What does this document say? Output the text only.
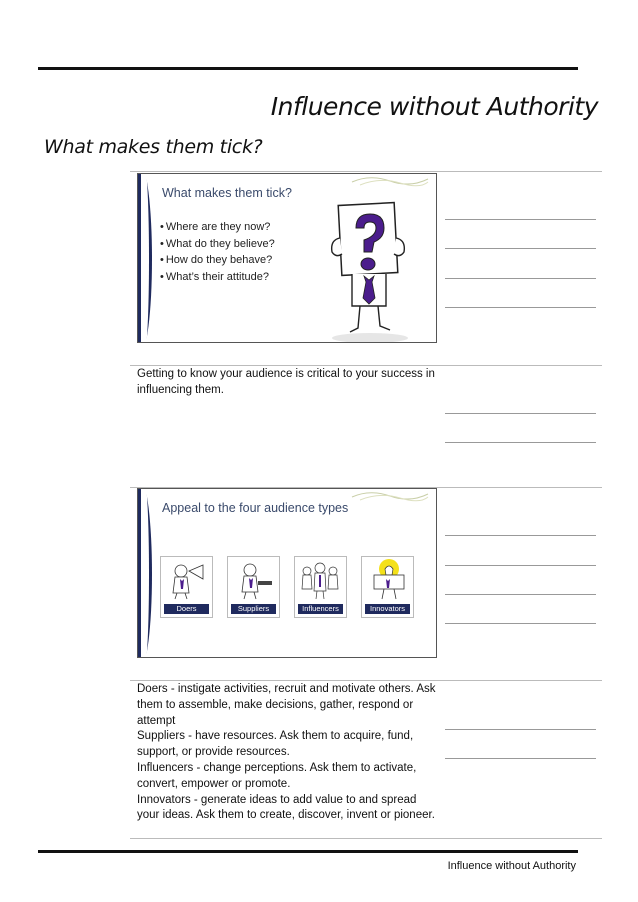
Influence without Authority
What makes them tick?
What makes them tick?
• Where are they now?
• What do they believe?
• How do they behave?
• What’s their attitude?
Getting to know your audience is critical to your success in influencing them.
Appeal to the four audience types
Doers	Suppliers	Influencers	Innovators
Doers - instigate activities, recruit and motivate others. Ask them to assemble, make decisions, gather, respond or attempt
Suppliers - have resources. Ask them to acquire, fund, support, or provide resources.
Influencers - change perceptions. Ask them to activate, convert, empower or promote.
Innovators - generate ideas to add value to and spread your ideas. Ask them to create, discover, invent or pioneer.
Influence without Authority
